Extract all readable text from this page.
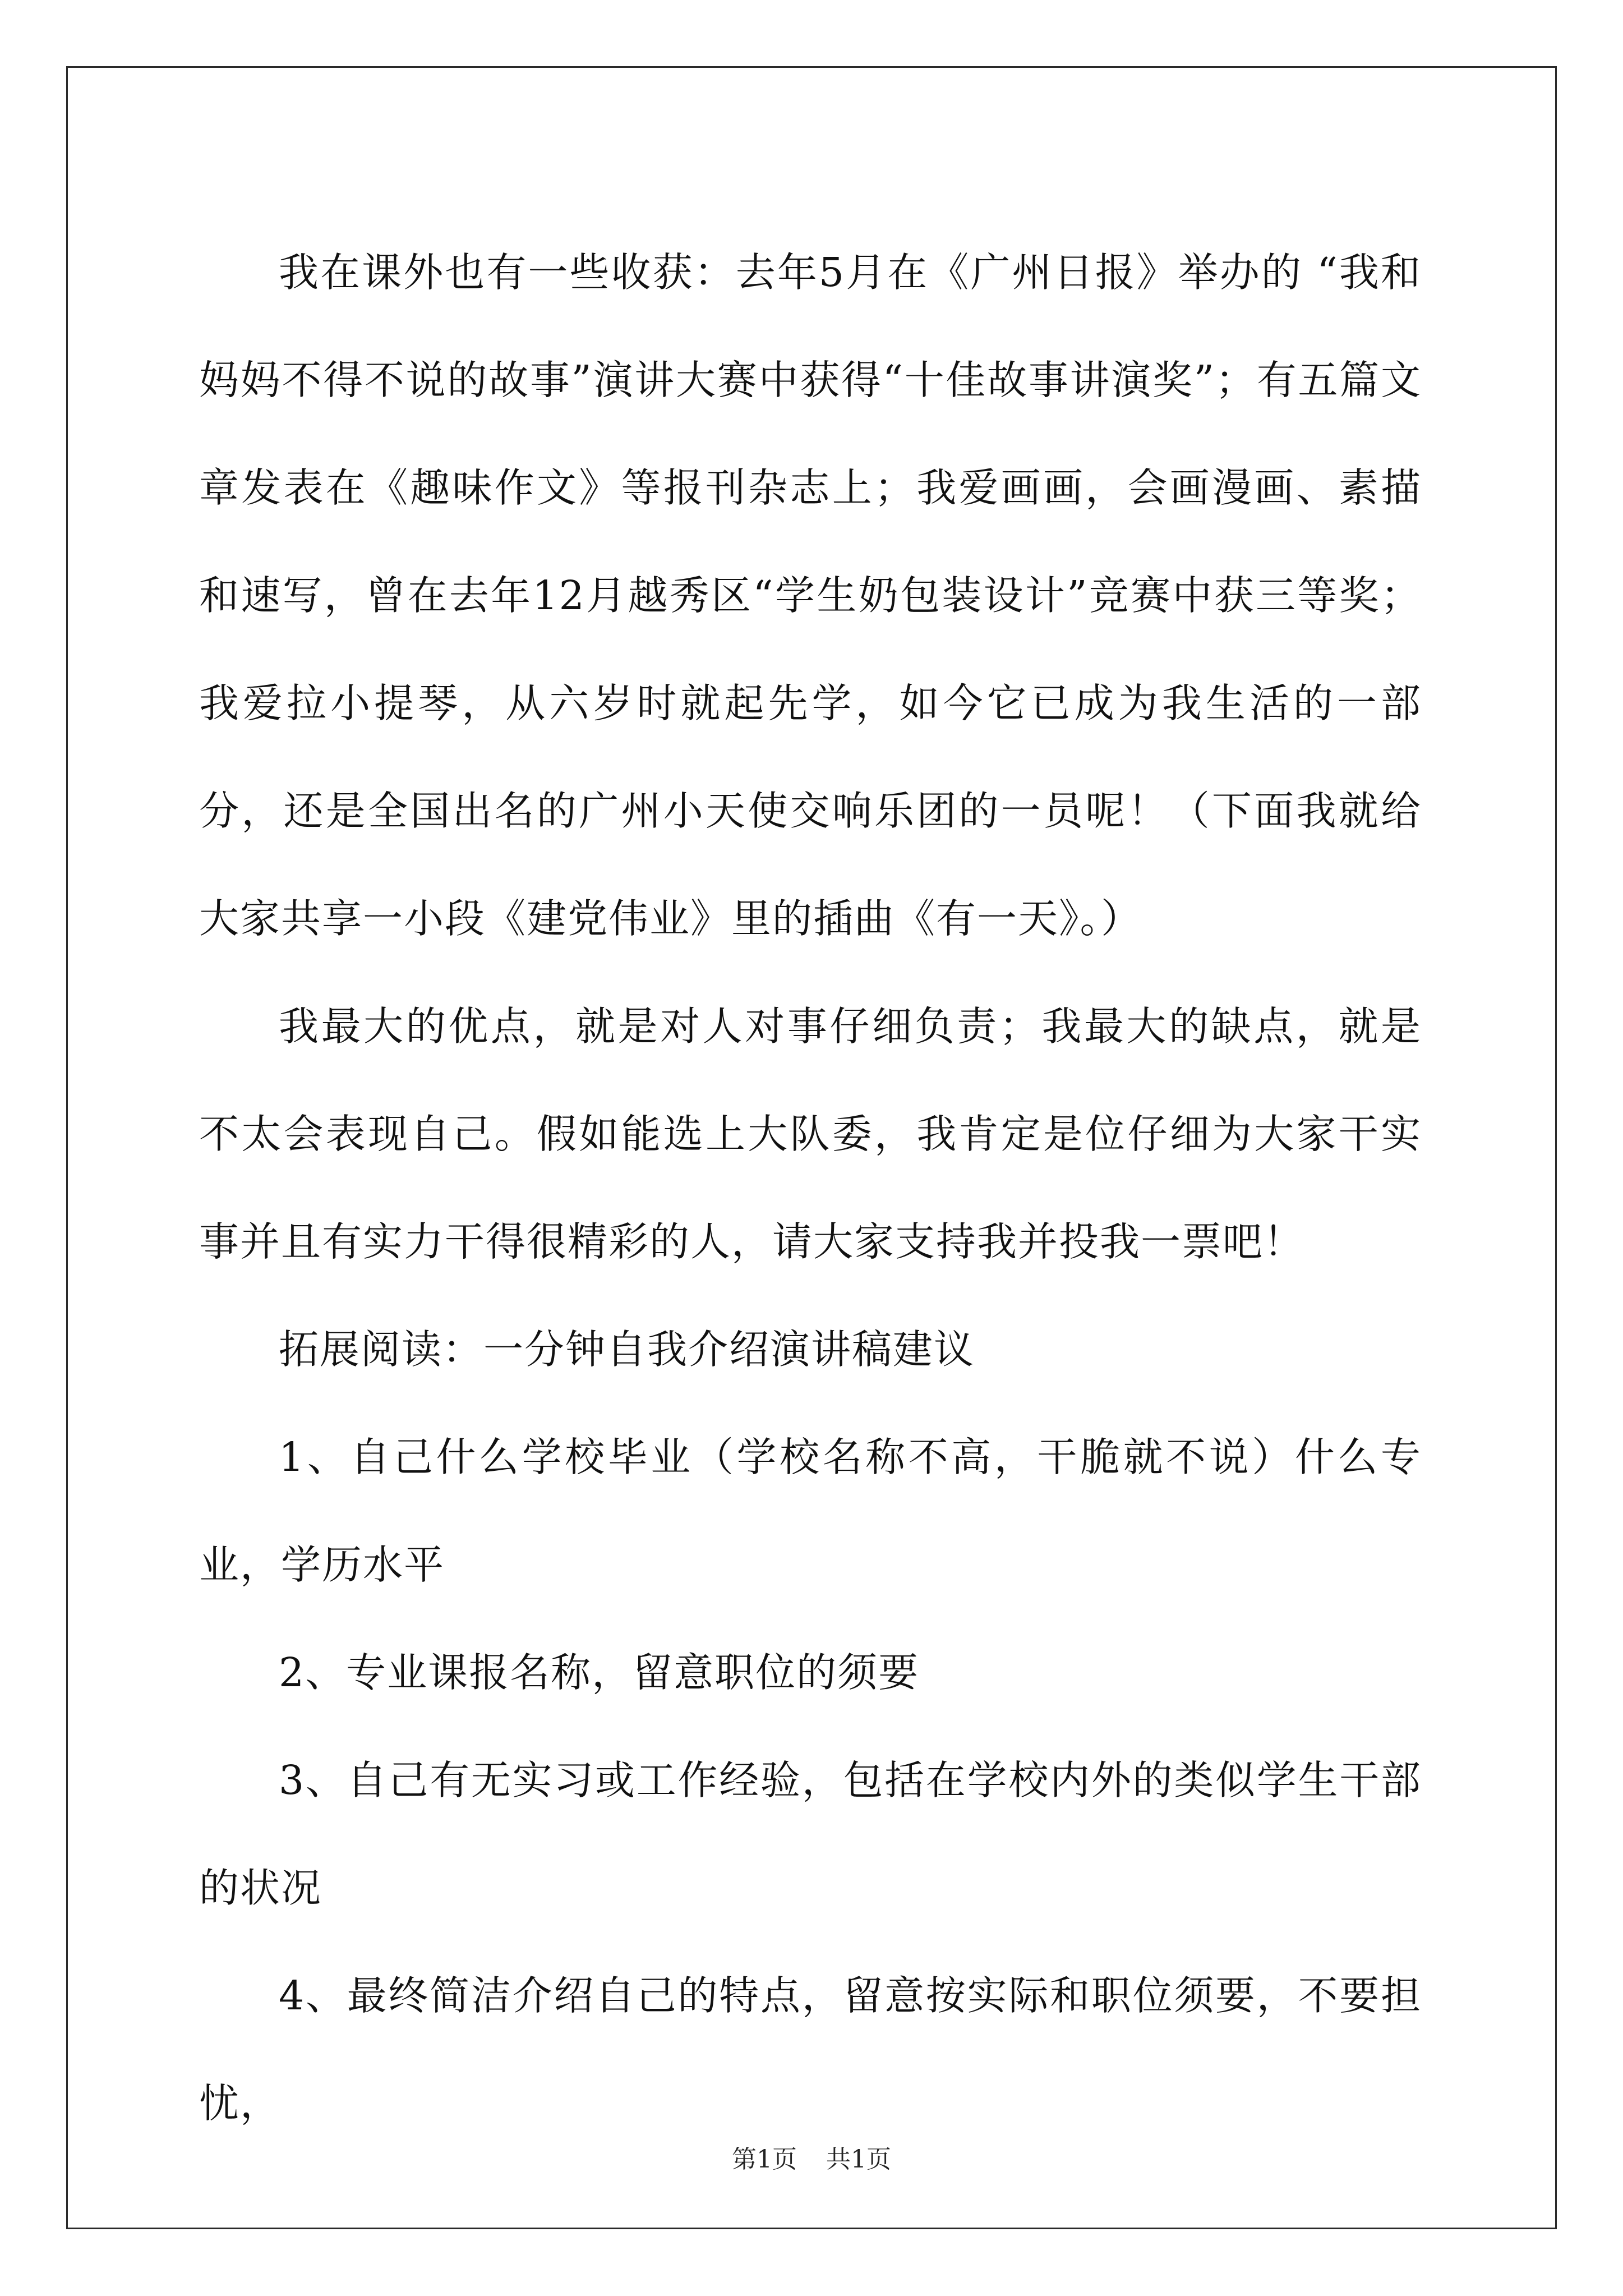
我在课外也有一些收获：去年5月在《广州日报》举办的 “我和妈妈不得不说的故事”演讲大赛中获得“十佳故事讲演奖”；有五篇文章发表在《趣味作文》等报刊杂志上；我爱画画，会画漫画、素描和速写，曾在去年12月越秀区“学生奶包装设计”竞赛中获三等奖；我爱拉小提琴，从六岁时就起先学，如今它已成为我生活的一部分，还是全国出名的广州小天使交响乐团的一员呢！（下面我就给大家共享一小段《建党伟业》里的插曲《有一天》。）

我最大的优点，就是对人对事仔细负责；我最大的缺点，就是不太会表现自己。假如能选上大队委，我肯定是位仔细为大家干实事并且有实力干得很精彩的人，请大家支持我并投我一票吧！

拓展阅读：一分钟自我介绍演讲稿建议

1、自己什么学校毕业（学校名称不高，干脆就不说）什么专业，学历水平

2、专业课报名称，留意职位的须要

3、自己有无实习或工作经验，包括在学校内外的类似学生干部的状况

4、最终简洁介绍自己的特点，留意按实际和职位须要，不要担忧，

第1页 共1页
